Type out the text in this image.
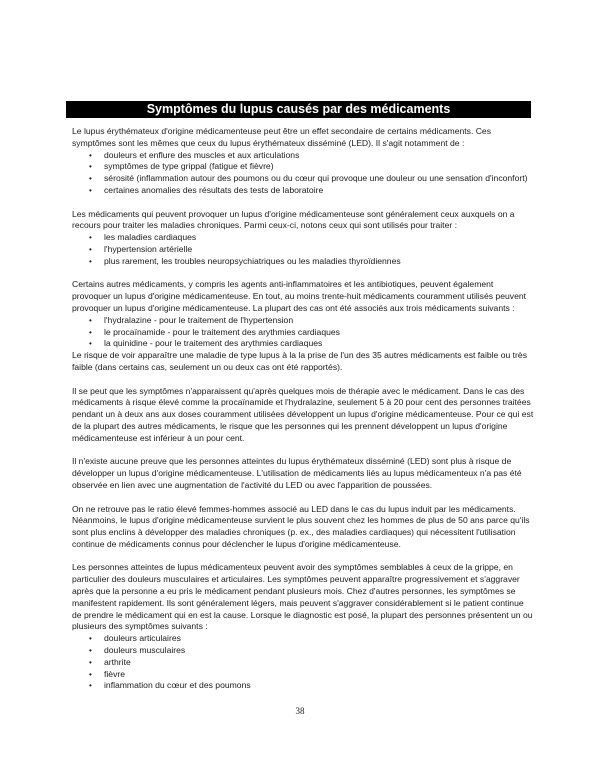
Symptômes du lupus causés par des médicaments

Le lupus érythémateux d'origine médicamenteuse peut être un effet secondaire de certains médicaments. Ces symptômes sont les mêmes que ceux du lupus érythémateux disséminé (LED). Il s'agit notamment de :

• douleurs et enflure des muscles et aux articulations
• symptômes de type grippal (fatigue et fièvre)
• sérosité (inflammation autour des poumons ou du cœur qui provoque une douleur ou une sensation d'inconfort)
• certaines anomalies des résultats des tests de laboratoire

Les médicaments qui peuvent provoquer un lupus d'origine médicamenteuse sont généralement ceux auxquels on a recours pour traiter les maladies chroniques. Parmi ceux-ci, notons ceux qui sont utilisés pour traiter :

• les maladies cardiaques
• l'hypertension artérielle
• plus rarement, les troubles neuropsychiatriques ou les maladies thyroïdiennes

Certains autres médicaments, y compris les agents anti-inflammatoires et les antibiotiques, peuvent également provoquer un lupus d'origine médicamenteuse. En tout, au moins trente-huit médicaments couramment utilisés peuvent provoquer un lupus d'origine médicamenteuse. La plupart des cas ont été associés aux trois médicaments suivants :

• l'hydralazine - pour le traitement de l'hypertension
• le procaïnamide - pour le traitement des arythmies cardiaques
• la quinidine - pour le traitement des arythmies cardiaques

Le risque de voir apparaître une maladie de type lupus à la la prise de l'un des 35 autres médicaments est faible ou très faible (dans certains cas, seulement un ou deux cas ont été rapportés).

Il se peut que les symptômes n'apparaissent qu'après quelques mois de thérapie avec le médicament. Dans le cas des médicaments à risque élevé comme la procaïnamide et l'hydralazine, seulement 5 à 20 pour cent des personnes traitées pendant un à deux ans aux doses couramment utilisées développent un lupus d'origine médicamenteuse. Pour ce qui est de la plupart des autres médicaments, le risque que les personnes qui les prennent développent un lupus d'origine médicamenteuse est inférieur à un pour cent.

Il n'existe aucune preuve que les personnes atteintes du lupus érythémateux disséminé (LED) sont plus à risque de développer un lupus d'origine médicamenteuse. L'utilisation de médicaments liés au lupus médicamenteux n'a pas été observée en lien avec une augmentation de l'activité du LED ou avec l'apparition de poussées.

On ne retrouve pas le ratio élevé femmes-hommes associé au LED dans le cas du lupus induit par les médicaments. Néanmoins, le lupus d'origine médicamenteuse survient le plus souvent chez les hommes de plus de 50 ans parce qu'ils sont plus enclins à développer des maladies chroniques (p. ex., des maladies cardiaques) qui nécessitent l'utilisation continue de médicaments connus pour déclencher le lupus d'origine médicamenteuse.

Les personnes atteintes de lupus médicamenteux peuvent avoir des symptômes semblables à ceux de la grippe, en particulier des douleurs musculaires et articulaires. Les symptômes peuvent apparaître progressivement et s'aggraver après que la personne a eu pris le médicament pendant plusieurs mois. Chez d'autres personnes, les symptômes se manifestent rapidement. Ils sont généralement légers, mais peuvent s'aggraver considérablement si le patient continue de prendre le médicament qui en est la cause. Lorsque le diagnostic est posé, la plupart des personnes présentent un ou plusieurs des symptômes suivants :

• douleurs articulaires
• douleurs musculaires
• arthrite
• fièvre
• inflammation du cœur et des poumons
38
